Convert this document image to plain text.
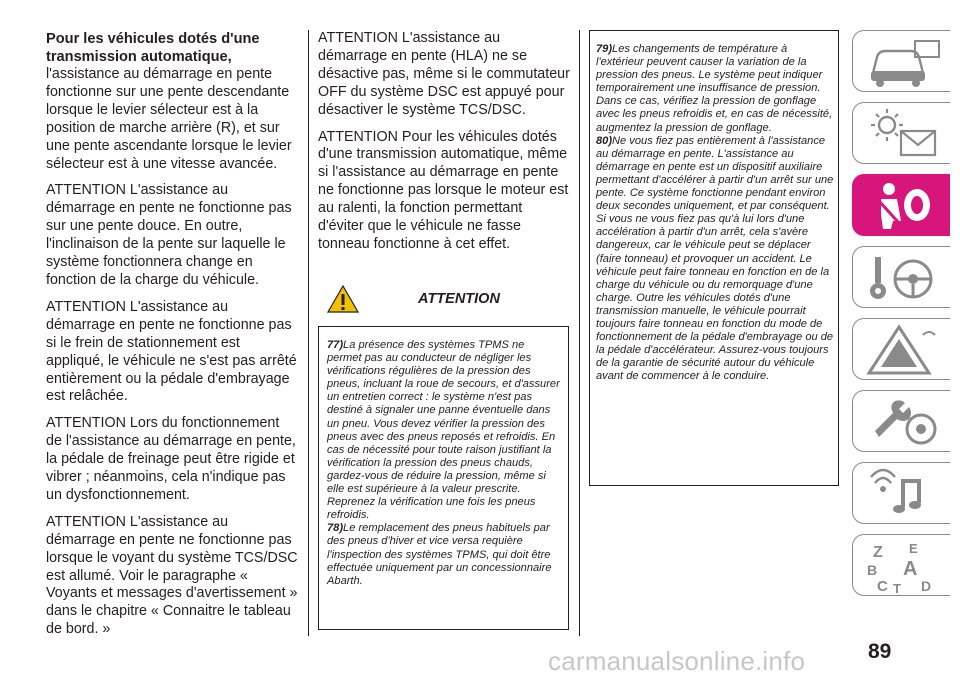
Pour les véhicules dotés d'une transmission automatique,

l'assistance au démarrage en pente fonctionne sur une pente descendante lorsque le levier sélecteur est à la position de marche arrière (R), et sur une pente ascendante lorsque le levier sélecteur est à une vitesse avancée.

ATTENTION L'assistance au démarrage en pente ne fonctionne pas sur une pente douce. En outre, l'inclinaison de la pente sur laquelle le système fonctionnera change en fonction de la charge du véhicule.

ATTENTION L'assistance au démarrage en pente ne fonctionne pas si le frein de stationnement est appliqué, le véhicule ne s'est pas arrêté entièrement ou la pédale d'embrayage est relâchée.

ATTENTION Lors du fonctionnement de l'assistance au démarrage en pente, la pédale de freinage peut être rigide et vibrer ; néanmoins, cela n'indique pas un dysfonctionnement.

ATTENTION L'assistance au démarrage en pente ne fonctionne pas lorsque le voyant du système TCS/DSC est allumé. Voir le paragraphe « Voyants et messages d'avertissement » dans le chapitre « Connaitre le tableau de bord. »

ATTENTION L'assistance au démarrage en pente (HLA) ne se désactive pas, même si le commutateur OFF du système DSC est appuyé pour désactiver le système TCS/DSC.

ATTENTION Pour les véhicules dotés d'une transmission automatique, même si l'assistance au démarrage en pente ne fonctionne pas lorsque le moteur est au ralenti, la fonction permettant d'éviter que le véhicule ne fasse tonneau fonctionne à cet effet.

ATTENTION

77)La présence des systèmes TPMS ne permet pas au conducteur de négliger les vérifications régulières de la pression des pneus, incluant la roue de secours, et d'assurer un entretien correct : le système n'est pas destiné à signaler une panne éventuelle dans un pneu. Vous devez vérifier la pression des pneus avec des pneus reposés et refroidis. En cas de nécessité pour toute raison justifiant la vérification la pression des pneus chauds, gardez-vous de réduire la pression, même si elle est supérieure à la valeur prescrite. Reprenez la vérification une fois les pneus refroidis.

78)Le remplacement des pneus habituels par des pneus d'hiver et vice versa requière l'inspection des systèmes TPMS, qui doit être effectuée uniquement par un concessionnaire Abarth.

79)Les changements de température à l'extérieur peuvent causer la variation de la pression des pneus. Le système peut indiquer temporairement une insuffisance de pression. Dans ce cas, vérifiez la pression de gonflage avec les pneus refroidis et, en cas de nécessité, augmentez la pression de gonflage.

80)Ne vous fiez pas entièrement à l'assistance au démarrage en pente. L'assistance au démarrage en pente est un dispositif auxiliaire permettant d'accélérer à partir d'un arrêt sur une pente. Ce système fonctionne pendant environ deux secondes uniquement, et par conséquent. Si vous ne vous fiez pas qu'à lui lors d'une accélération à partir d'un arrêt, cela s'avère dangereux, car le véhicule peut se déplacer (faire tonneau) et provoquer un accident. Le véhicule peut faire tonneau en fonction en de la charge du véhicule ou du remorquage d'une charge. Outre les véhicules dotés d'une transmission manuelle, le véhicule pourrait toujours faire tonneau en fonction du mode de fonctionnement de la pédale d'embrayage ou de la pédale d'accélérateur. Assurez-vous toujours de la garantie de sécurité autour du véhicule avant de commencer à le conduire.

Z E
B A
C T D
carmanualsonline.info	89
